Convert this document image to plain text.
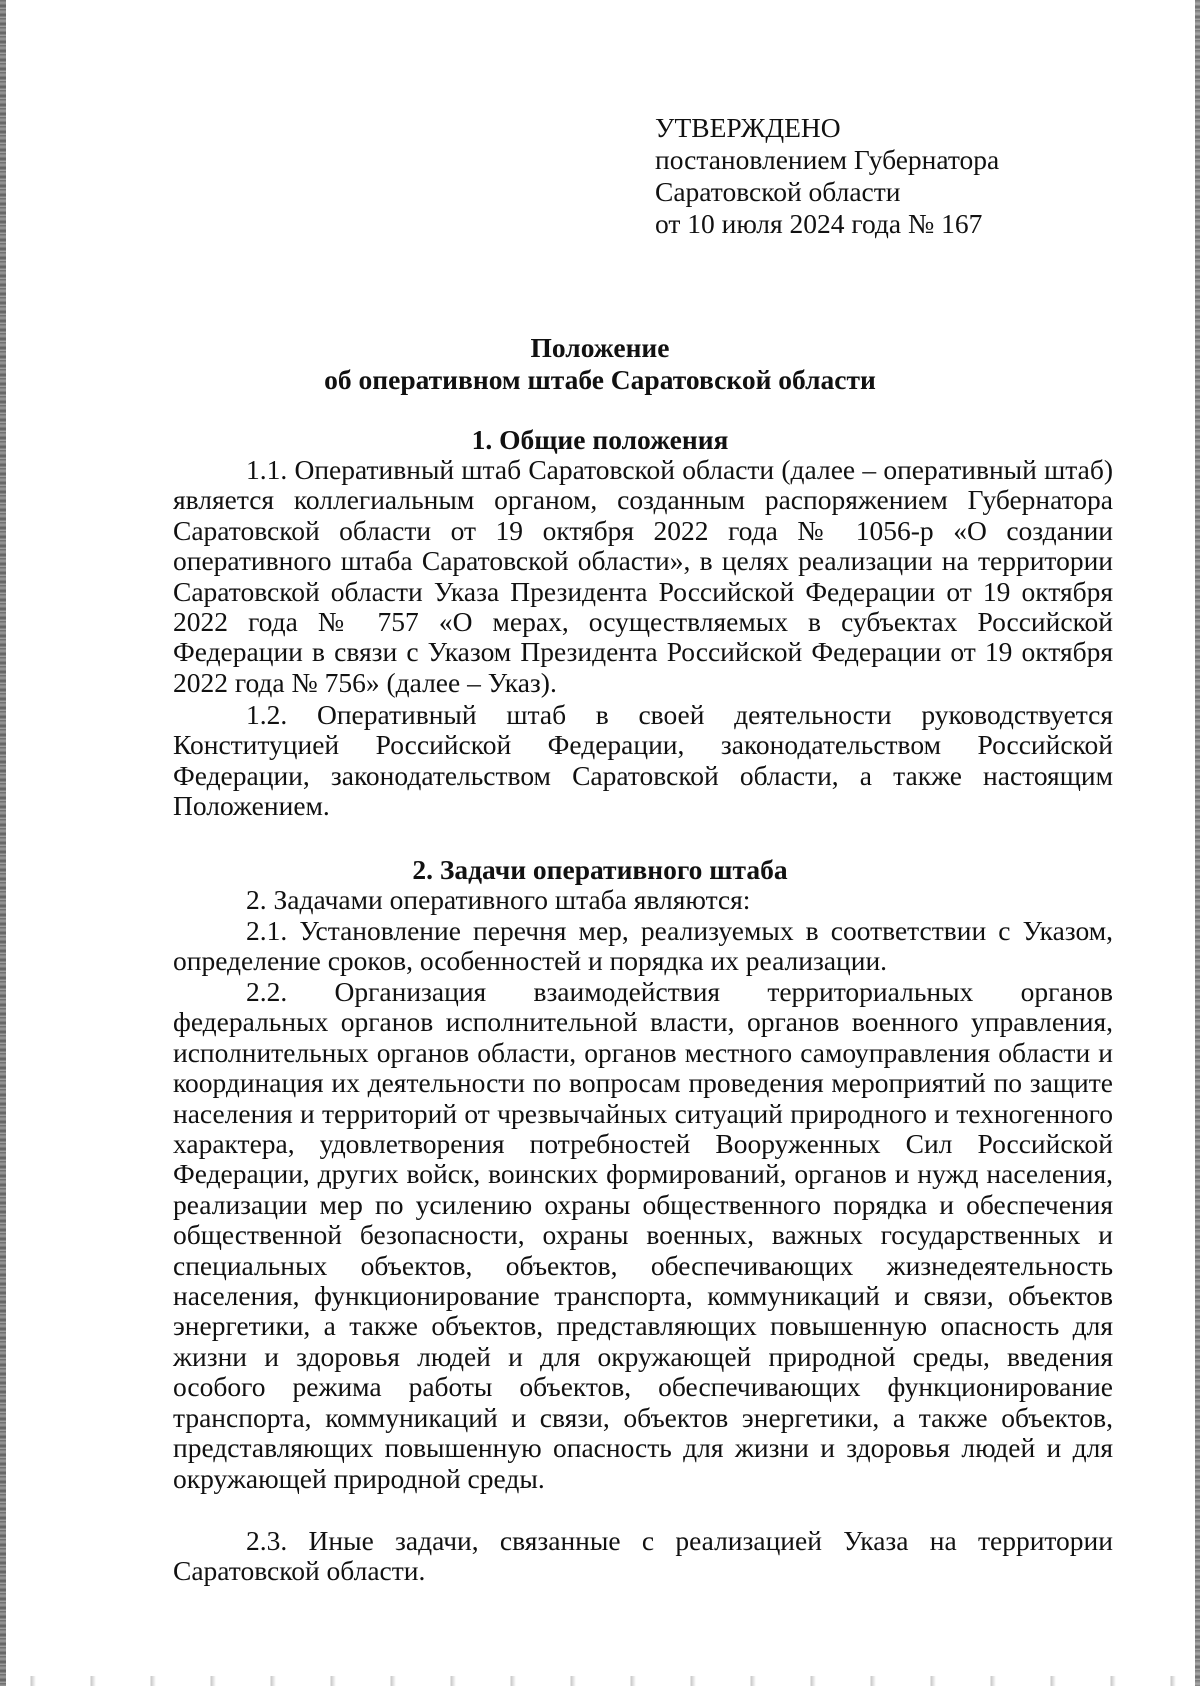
УТВЕРЖДЕНО
постановлением Губернатора
Саратовской области
от 10 июля 2024 года № 167
Положение
об оперативном штабе Саратовской области
1. Общие положения

1.1. Оперативный штаб Саратовской области (далее – оперативный штаб) является коллегиальным органом, созданным распоряжением Губернатора Саратовской области от 19 октября 2022 года № 1056-р «О создании оперативного штаба Саратовской области», в целях реализации на территории Саратовской области Указа Президента Российской Федерации от 19 октября 2022 года № 757 «О мерах, осуществляемых в субъектах Российской Федерации в связи с Указом Президента Российской Федерации от 19 октября 2022 года № 756» (далее – Указ).

1.2. Оперативный штаб в своей деятельности руководствуется Конституцией Российской Федерации, законодательством Российской Федерации, законодательством Саратовской области, а также настоящим Положением.

2. Задачи оперативного штаба

2. Задачами оперативного штаба являются:

2.1. Установление перечня мер, реализуемых в соответствии с Указом, определение сроков, особенностей и порядка их реализации.

2.2. Организация взаимодействия территориальных органов федеральных органов исполнительной власти, органов военного управления, исполнительных органов области, органов местного самоуправления области и координация их деятельности по вопросам проведения мероприятий по защите населения и территорий от чрезвычайных ситуаций природного и техногенного характера, удовлетворения потребностей Вооруженных Сил Российской Федерации, других войск, воинских формирований, органов и нужд населения, реализации мер по усилению охраны общественного порядка и обеспечения общественной безопасности, охраны военных, важных государственных и специальных объектов, объектов, обеспечивающих жизнедеятельность населения, функционирование транспорта, коммуникаций и связи, объектов энергетики, а также объектов, представляющих повышенную опасность для жизни и здоровья людей и для окружающей природной среды, введения особого режима работы объектов, обеспечивающих функционирование транспорта, коммуникаций и связи, объектов энергетики, а также объектов, представляющих повышенную опасность для жизни и здоровья людей и для окружающей природной среды.

2.3. Иные задачи, связанные с реализацией Указа на территории Саратовской области.
